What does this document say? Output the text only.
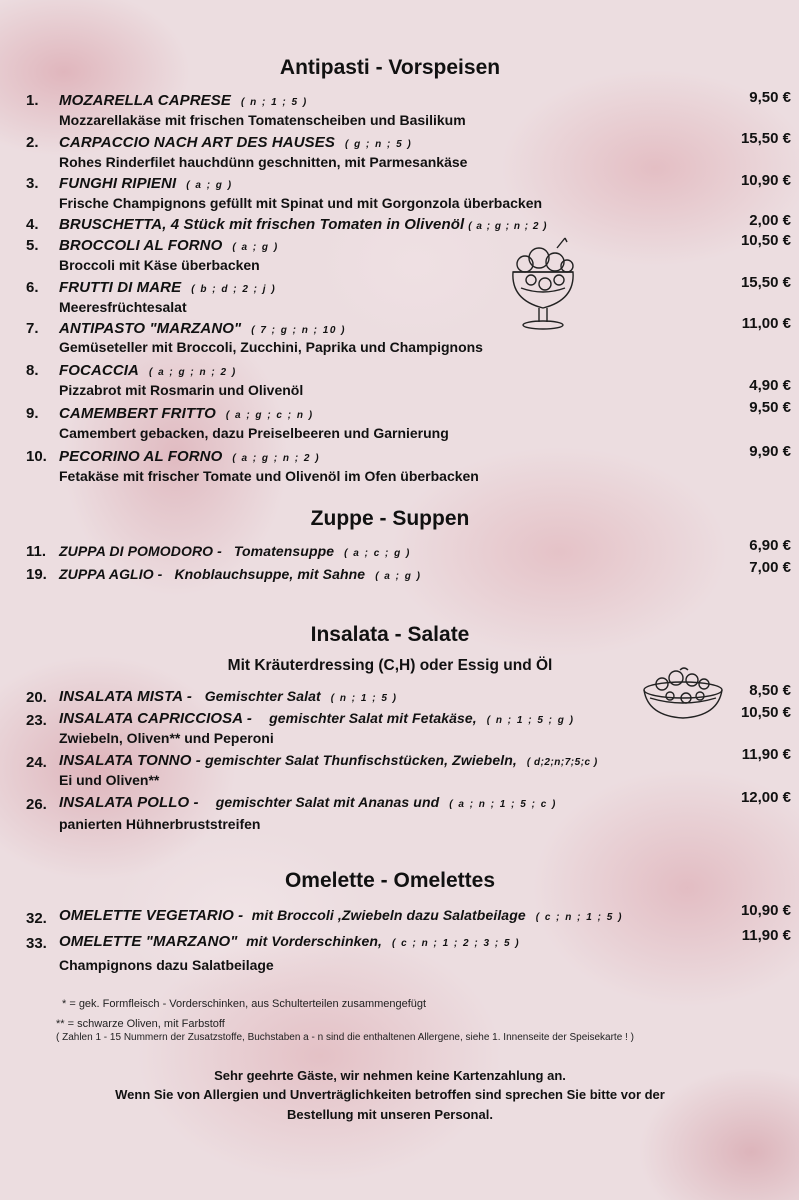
Antipasti - Vorspeisen
1. MOZARELLA CAPRESE ( n ; 1 ; 5 )
Mozzarellakäse mit frischen Tomatenscheiben und Basilikum
9,50 €
2. CARPACCIO NACH ART DES HAUSES ( g ; n ; 5 )
Rohes Rinderfilet hauchdünn geschnitten, mit Parmesankäse
15,50 €
3. FUNGHI RIPIENI ( a ; g )
Frische Champignons gefüllt mit Spinat und mit Gorgonzola überbacken
10,90 €
4. BRUSCHETTA, 4 Stück mit frischen Tomaten in Olivenöl ( a ; g ; n ; 2 )	2,00 €
5. BROCCOLI AL FORNO ( a ; g )
Broccoli mit Käse überbacken
10,50 €
6. FRUTTI DI MARE ( b ; d ; 2 ; j )
Meeresfrüchtesalat
15,50 €
7. ANTIPASTO "MARZANO" ( 7 ; g ; n ; 10 )
Gemüseteller mit Broccoli, Zucchini, Paprika und Champignons
11,00 €
8. FOCACCIA ( a ; g ; n ; 2 )
Pizzabrot mit Rosmarin und Olivenöl	4,90 €
9. CAMEMBERT FRITTO ( a ; g ; c ; n )
Camembert gebacken, dazu Preiselbeeren und Garnierung
9,50 €
10. PECORINO AL FORNO ( a ; g ; n ; 2 )
Fetakäse mit frischer Tomate und Olivenöl im Ofen überbacken
9,90 €
Zuppe - Suppen
11. ZUPPA DI POMODORO - Tomatensuppe ( a ; c ; g )	6,90 €
19. ZUPPA AGLIO - Knoblauchsuppe, mit Sahne ( a ; g )
7,00 €
Insalata - Salate
Mit Kräuterdressing (C,H) oder Essig und Öl
20. INSALATA MISTA - Gemischter Salat ( n ; 1 ; 5 )	8,50 €
23. INSALATA CAPRICCIOSA - gemischter Salat mit Fetakäse, ( n ; 1 ; 5 ; g )
Zwiebeln, Oliven** und Peperoni
10,50 €
24. INSALATA TONNO - gemischter Salat Thunfischstücken, Zwiebeln, ( d;2;n;7;5;c )
Ei und Oliven**
11,90 €
26. INSALATA POLLO - gemischter Salat mit Ananas und ( a ; n ; 1 ; 5 ; c )
panierten Hühnerbruststreifen
12,00 €
Omelette - Omelettes
32. OMELETTE VEGETARIO - mit Broccoli ,Zwiebeln dazu Salatbeilage ( c ; n ; 1 ; 5 )	10,90 €
33. OMELETTE "MARZANO" mit Vorderschinken, ( c ; n ; 1 ; 2 ; 3 ; 5 )
Champignons dazu Salatbeilage
11,90 €
* = gek. Formfleisch - Vorderschinken, aus Schulterteilen zusammengefügt
** = schwarze Oliven, mit Farbstoff
( Zahlen 1 - 15 Nummern der Zusatzstoffe, Buchstaben a - n sind die enthaltenen Allergene, siehe 1. Innenseite der Speisekarte ! )
Sehr geehrte Gäste, wir nehmen keine Kartenzahlung an.
Wenn Sie von Allergien und Unverträglichkeiten betroffen sind sprechen Sie bitte vor der
Bestellung mit unseren Personal.
